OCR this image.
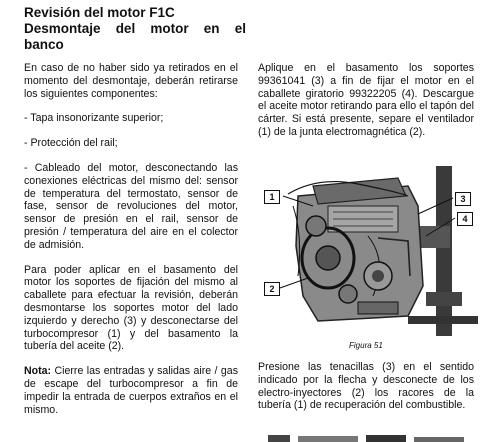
Revisión del motor F1C
Desmontaje del motor en el
banco

En caso de no haber sido ya retirados en el momento del desmontaje, deberán retirarse los siguientes componentes:

- Tapa insonorizante superior;

- Protección del rail;

- Cableado del motor, desconectando las conexiones eléctricas del mismo del: sensor de temperatura del termostato, sensor de fase, sensor de revoluciones del motor, sensor de presión en el rail, sensor de presión / temperatura del aire en el colector de admisión.

Para poder aplicar en el basamento del motor los soportes de fijación del mismo al caballete para efectuar la revisión, deberán desmontarse los soportes motor del lado izquierdo y derecho (3) y desconectarse del turbocompresor (1) y del basamento la tubería del aceite (2).

Nota: Cierre las entradas y salidas aire / gas de escape del turbocompresor a fin de impedir la entrada de cuerpos extraños en el mismo.

Aplique en el basamento los soportes 99361041 (3) a fin de fijar el motor en el caballete giratorio 99322205 (4). Descargue el aceite motor retirando para ello el tapón del cárter. Si está presente, separe el ventilador (1) de la junta electromagnética (2).

1
2
3
4
Figura 51
Presione las tenacillas (3) en el sentido indicado por la flecha y desconecte de los electro-inyectores (2) los racores de la tubería (1) de recuperación del combustible.
